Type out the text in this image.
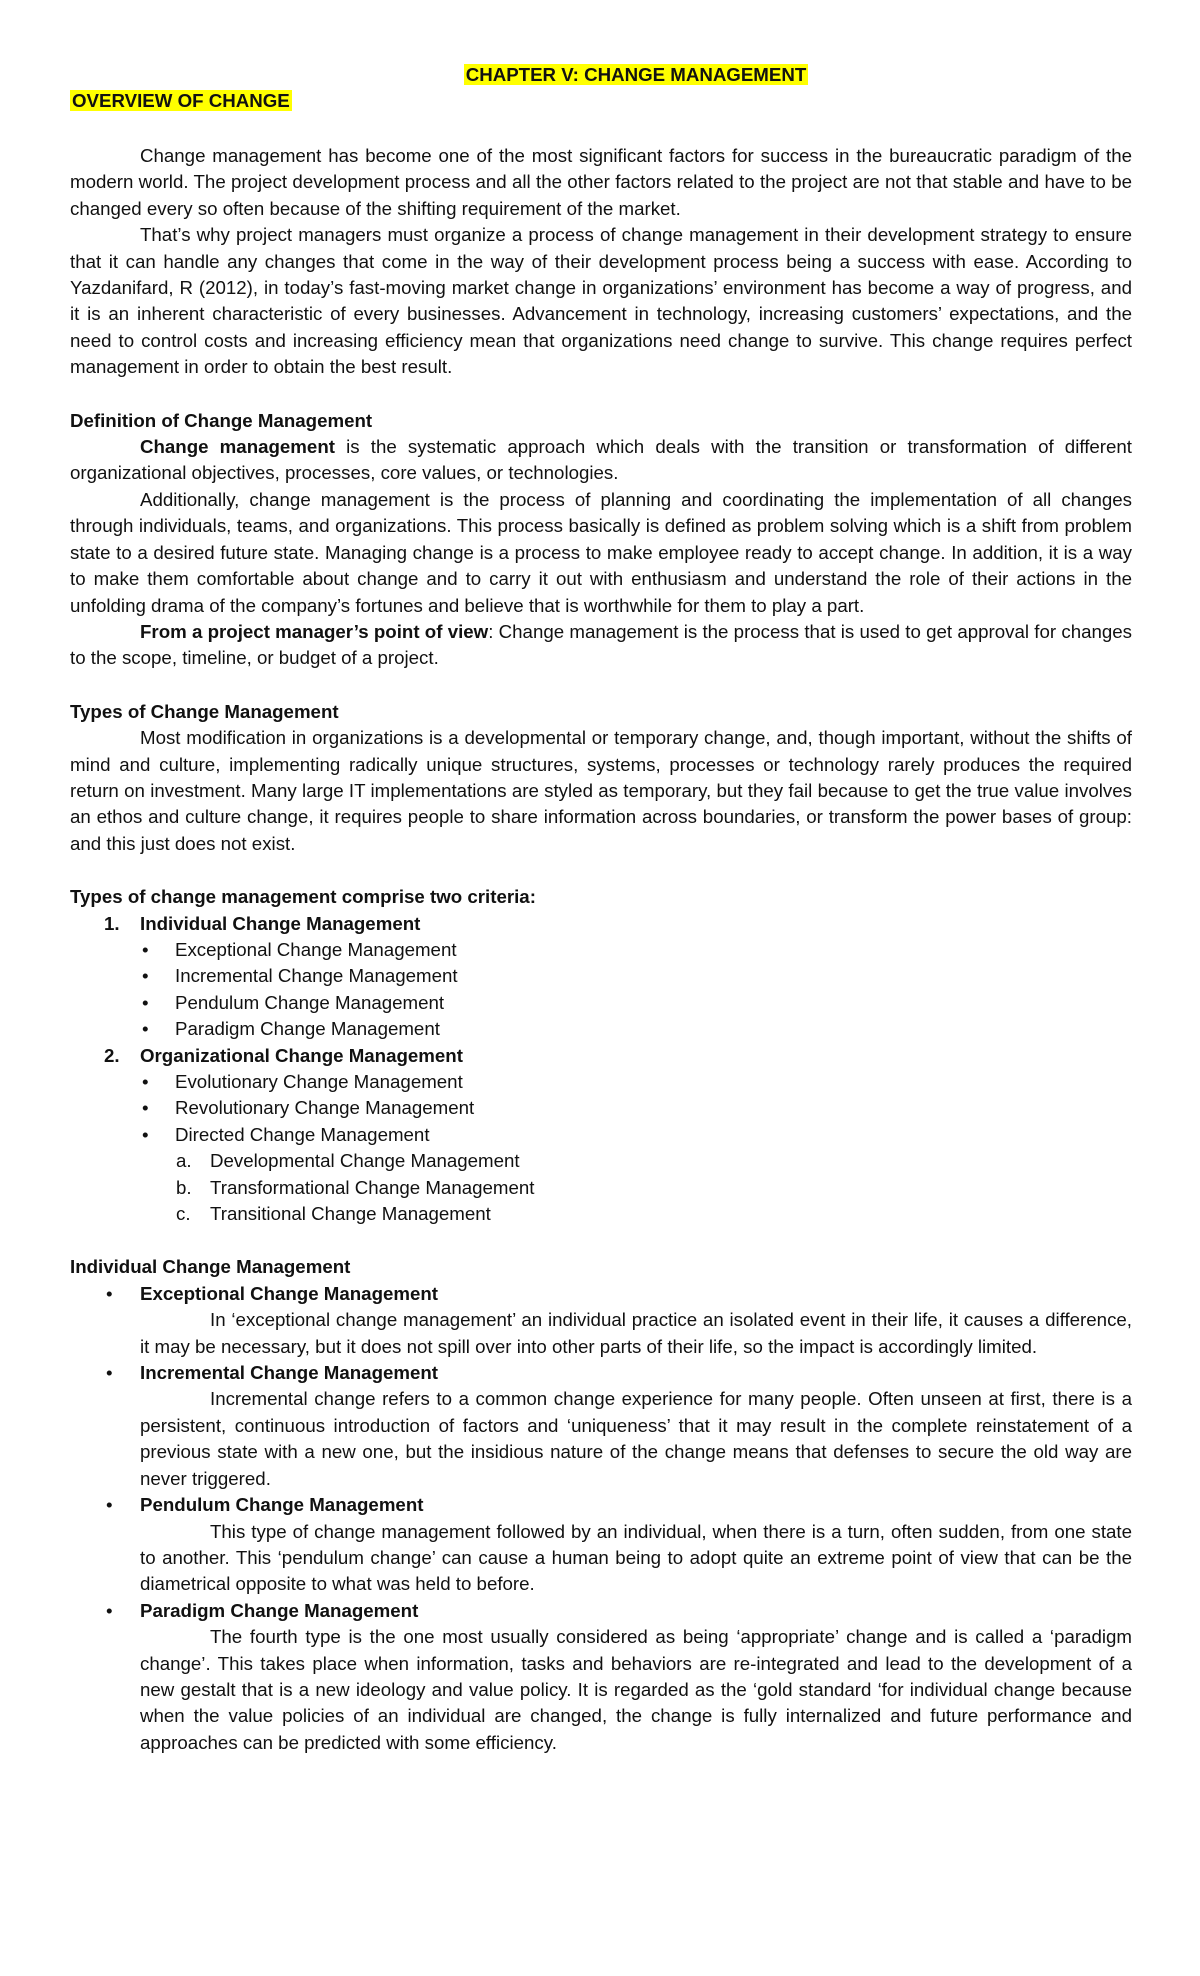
CHAPTER V: CHANGE MANAGEMENT
OVERVIEW OF CHANGE

Change management has become one of the most significant factors for success in the bureaucratic paradigm of the modern world. The project development process and all the other factors related to the project are not that stable and have to be changed every so often because of the shifting requirement of the market.

That’s why project managers must organize a process of change management in their development strategy to ensure that it can handle any changes that come in the way of their development process being a success with ease. According to Yazdanifard, R (2012), in today’s fast-moving market change in organizations’ environment has become a way of progress, and it is an inherent characteristic of every businesses. Advancement in technology, increasing customers’ expectations, and the need to control costs and increasing efficiency mean that organizations need change to survive. This change requires perfect management in order to obtain the best result.

Definition of Change Management

Change management is the systematic approach which deals with the transition or transformation of different organizational objectives, processes, core values, or technologies.

Additionally, change management is the process of planning and coordinating the implementation of all changes through individuals, teams, and organizations. This process basically is defined as problem solving which is a shift from problem state to a desired future state. Managing change is a process to make employee ready to accept change. In addition, it is a way to make them comfortable about change and to carry it out with enthusiasm and understand the role of their actions in the unfolding drama of the company’s fortunes and believe that is worthwhile for them to play a part.

From a project manager’s point of view: Change management is the process that is used to get approval for changes to the scope, timeline, or budget of a project.

Types of Change Management

Most modification in organizations is a developmental or temporary change, and, though important, without the shifts of mind and culture, implementing radically unique structures, systems, processes or technology rarely produces the required return on investment. Many large IT implementations are styled as temporary, but they fail because to get the true value involves an ethos and culture change, it requires people to share information across boundaries, or transform the power bases of group: and this just does not exist.

Types of change management comprise two criteria:

1. Individual Change Management
• Exceptional Change Management
• Incremental Change Management
• Pendulum Change Management
• Paradigm Change Management
2. Organizational Change Management
• Evolutionary Change Management
• Revolutionary Change Management
• Directed Change Management
a. Developmental Change Management
b. Transformational Change Management
c. Transitional Change Management

Individual Change Management

• Exceptional Change Management

In ‘exceptional change management’ an individual practice an isolated event in their life, it causes a difference, it may be necessary, but it does not spill over into other parts of their life, so the impact is accordingly limited.

• Incremental Change Management

Incremental change refers to a common change experience for many people. Often unseen at first, there is a persistent, continuous introduction of factors and ‘uniqueness’ that it may result in the complete reinstatement of a previous state with a new one, but the insidious nature of the change means that defenses to secure the old way are never triggered.

• Pendulum Change Management

This type of change management followed by an individual, when there is a turn, often sudden, from one state to another. This ‘pendulum change’ can cause a human being to adopt quite an extreme point of view that can be the diametrical opposite to what was held to before.

• Paradigm Change Management

The fourth type is the one most usually considered as being ‘appropriate’ change and is called a ‘paradigm change’. This takes place when information, tasks and behaviors are re-integrated and lead to the development of a new gestalt that is a new ideology and value policy. It is regarded as the ‘gold standard ‘for individual change because when the value policies of an individual are changed, the change is fully internalized and future performance and approaches can be predicted with some efficiency.
